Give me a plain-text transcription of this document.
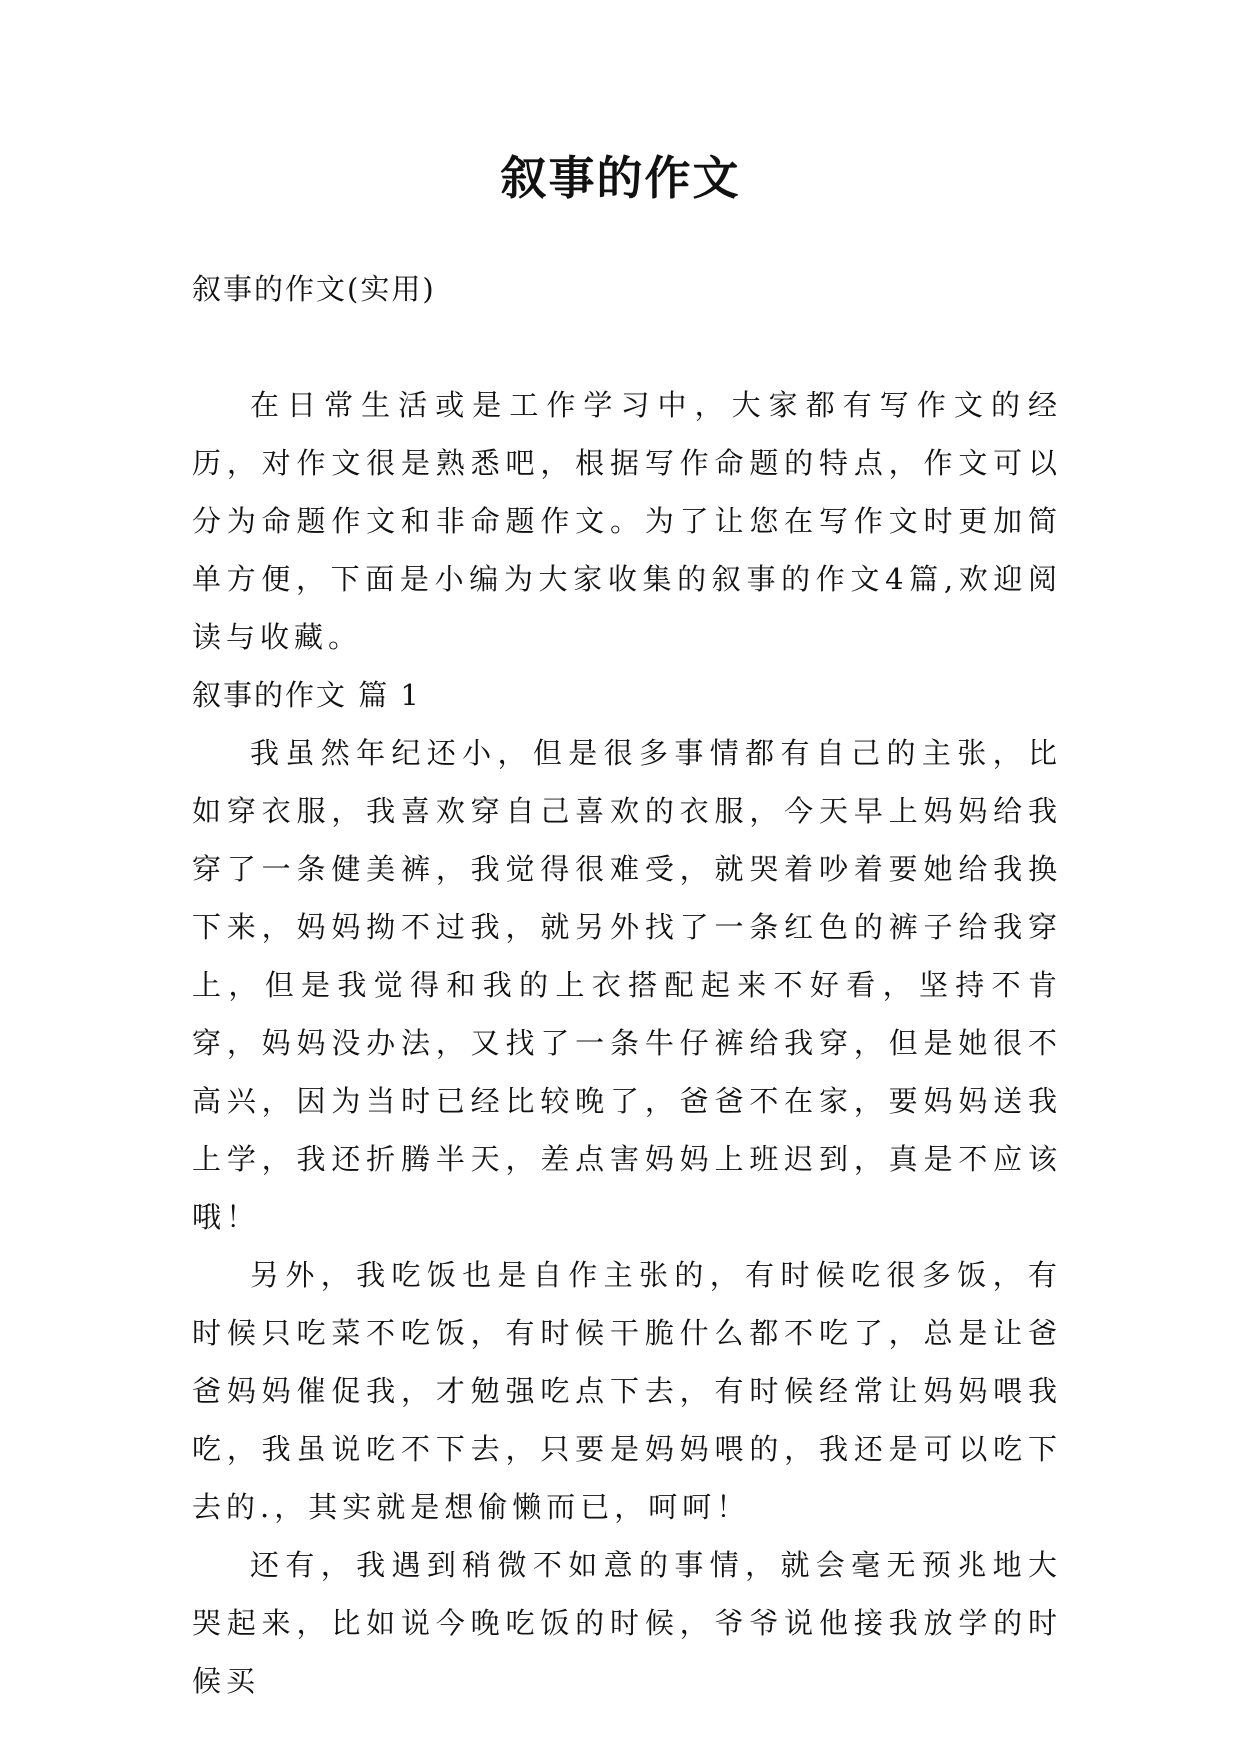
叙事的作文

叙事的作文(实用)

在日常生活或是工作学习中，大家都有写作文的经历，对作文很是熟悉吧，根据写作命题的特点，作文可以分为命题作文和非命题作文。为了让您在写作文时更加简单方便，下面是小编为大家收集的叙事的作文4篇,欢迎阅读与收藏。

叙事的作文 篇 1

我虽然年纪还小，但是很多事情都有自己的主张，比如穿衣服，我喜欢穿自己喜欢的衣服，今天早上妈妈给我穿了一条健美裤，我觉得很难受，就哭着吵着要她给我换下来，妈妈拗不过我，就另外找了一条红色的裤子给我穿上，但是我觉得和我的上衣搭配起来不好看，坚持不肯穿，妈妈没办法，又找了一条牛仔裤给我穿，但是她很不高兴，因为当时已经比较晚了，爸爸不在家，要妈妈送我上学，我还折腾半天，差点害妈妈上班迟到，真是不应该哦！

另外，我吃饭也是自作主张的，有时候吃很多饭，有时候只吃菜不吃饭，有时候干脆什么都不吃了，总是让爸爸妈妈催促我，才勉强吃点下去，有时候经常让妈妈喂我吃，我虽说吃不下去，只要是妈妈喂的，我还是可以吃下去的.，其实就是想偷懒而已，呵呵！

还有，我遇到稍微不如意的事情，就会毫无预兆地大哭起来，比如说今晚吃饭的时候，爷爷说他接我放学的时候买
